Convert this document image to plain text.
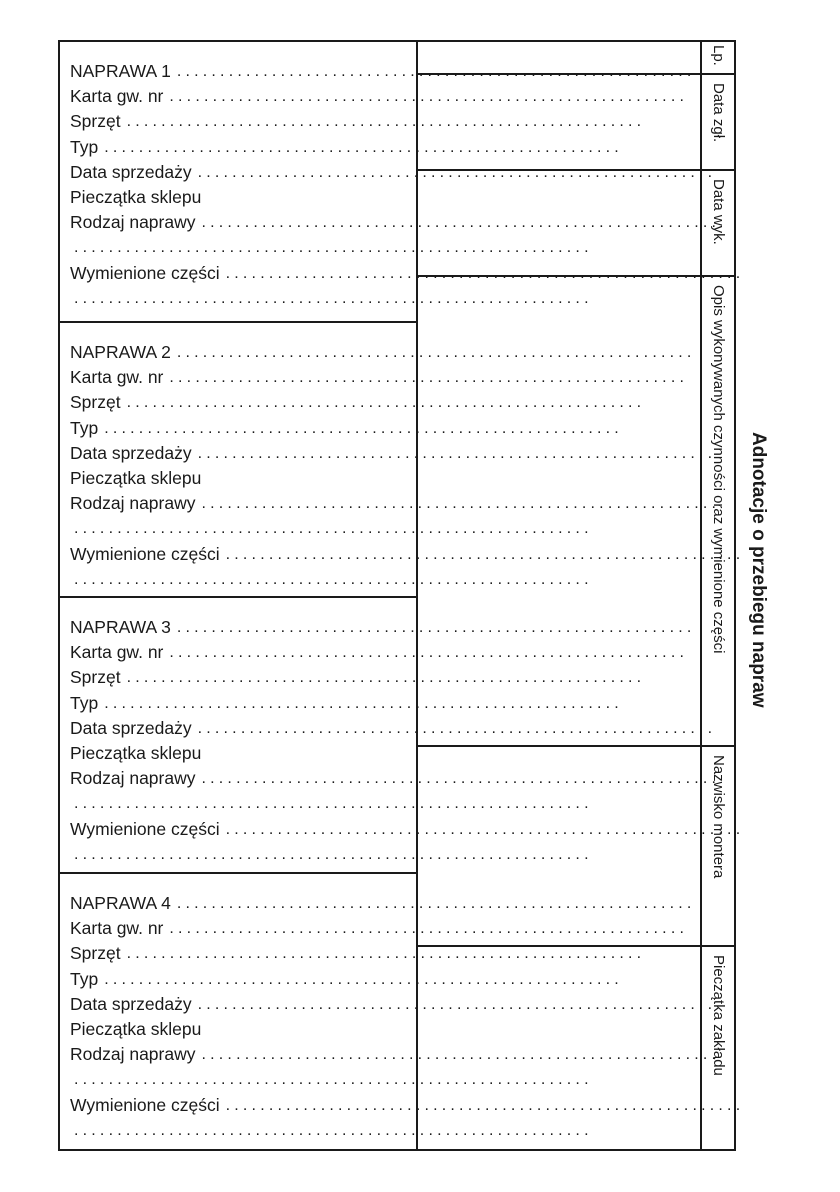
Adnotacje o przebiegu napraw
NAPRAWA 1 ............................................................
Karta gw. nr ............................................................
Sprzęt ............................................................
Typ ............................................................
Data sprzedaży ............................................................
Pieczątka sklepu
Rodzaj naprawy ............................................................
............................................................
Wymienione części ............................................................
............................................................
NAPRAWA 2 ............................................................
Karta gw. nr ............................................................
Sprzęt ............................................................
Typ ............................................................
Data sprzedaży ............................................................
Pieczątka sklepu
Rodzaj naprawy ............................................................
............................................................
Wymienione części ............................................................
............................................................
NAPRAWA 3 ............................................................
Karta gw. nr ............................................................
Sprzęt ............................................................
Typ ............................................................
Data sprzedaży ............................................................
Pieczątka sklepu
Rodzaj naprawy ............................................................
............................................................
Wymienione części ............................................................
............................................................
NAPRAWA 4 ............................................................
Karta gw. nr ............................................................
Sprzęt ............................................................
Typ ............................................................
Data sprzedaży ............................................................
Pieczątka sklepu
Rodzaj naprawy ............................................................
............................................................
Wymienione części ............................................................
............................................................
Lp.
Data zgł.
Data wyk.
Opis wykonywanych czynności oraz wymienione części
Nazwisko montera
Pieczątka zakładu
